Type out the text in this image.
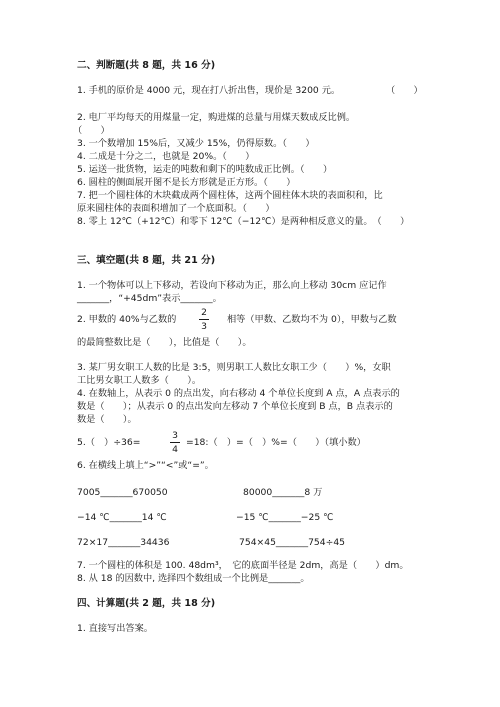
二、判断题(共 8 题，共 16 分)
1. 手机的原价是 4000 元，现在打八折出售，现价是 3200 元。	（　　）
2. 电厂平均每天的用煤量一定，购进煤的总量与用煤天数成反比例。
（　　）
3. 一个数增加 15%后，又减少 15%，仍得原数。（　　）
4. 二成是十分之二，也就是 20%。（　　）
5. 运送一批货物，运走的吨数和剩下的吨数成正比例。（　　）
6. 圆柱的侧面展开图不是长方形就是正方形。（　　）
7. 把一个圆柱体的木块截成两个圆柱体，这两个圆柱体木块的表面积和，比
原来圆柱体的表面积增加了一个底面积。（　　）
8. 零上 12℃（+12℃）和零下 12℃（−12℃）是两种相反意义的量。　（　　）
三、填空题(共 8 题，共 21 分)
1. 一个物体可以上下移动，若设向下移动为正，那么向上移动 30cm 应记作
_______，“+45dm”表示_______。
2. 甲数的 40%与乙数的
2
3
相等（甲数、乙数均不为 0），甲数与乙数
的最简整数比是（　　），比值是（　　）。
3. 某厂男女职工人数的比是 3:5，则男职工人数比女职工少（　　）%，女职
工比男女职工人数多（　　）。
4. 在数轴上，从表示 0 的点出发，向右移动 4 个单位长度到 A 点，A 点表示的
数是（　　）；从表示 0 的点出发向左移动 7 个单位长度到 B 点，B 点表示的
数是（　　）。
5.（　）÷36=
3
4
=18:（　）=（　）%=（　　）（填小数）
6. 在横线上填上“>”“<”或“=”。
7005_______670050	80000_______8 万
−14 ℃_______14 ℃	−15 ℃_______−25 ℃
72×17_______34436	754×45_______754÷45
7. 一个圆柱的体积是 100. 48dm³，　它的底面半径是 2dm，高是（　　）dm。
8. 从 18 的因数中, 选择四个数组成一个比例是_______。
四、计算题(共 2 题，共 18 分)
1. 直接写出答案。
